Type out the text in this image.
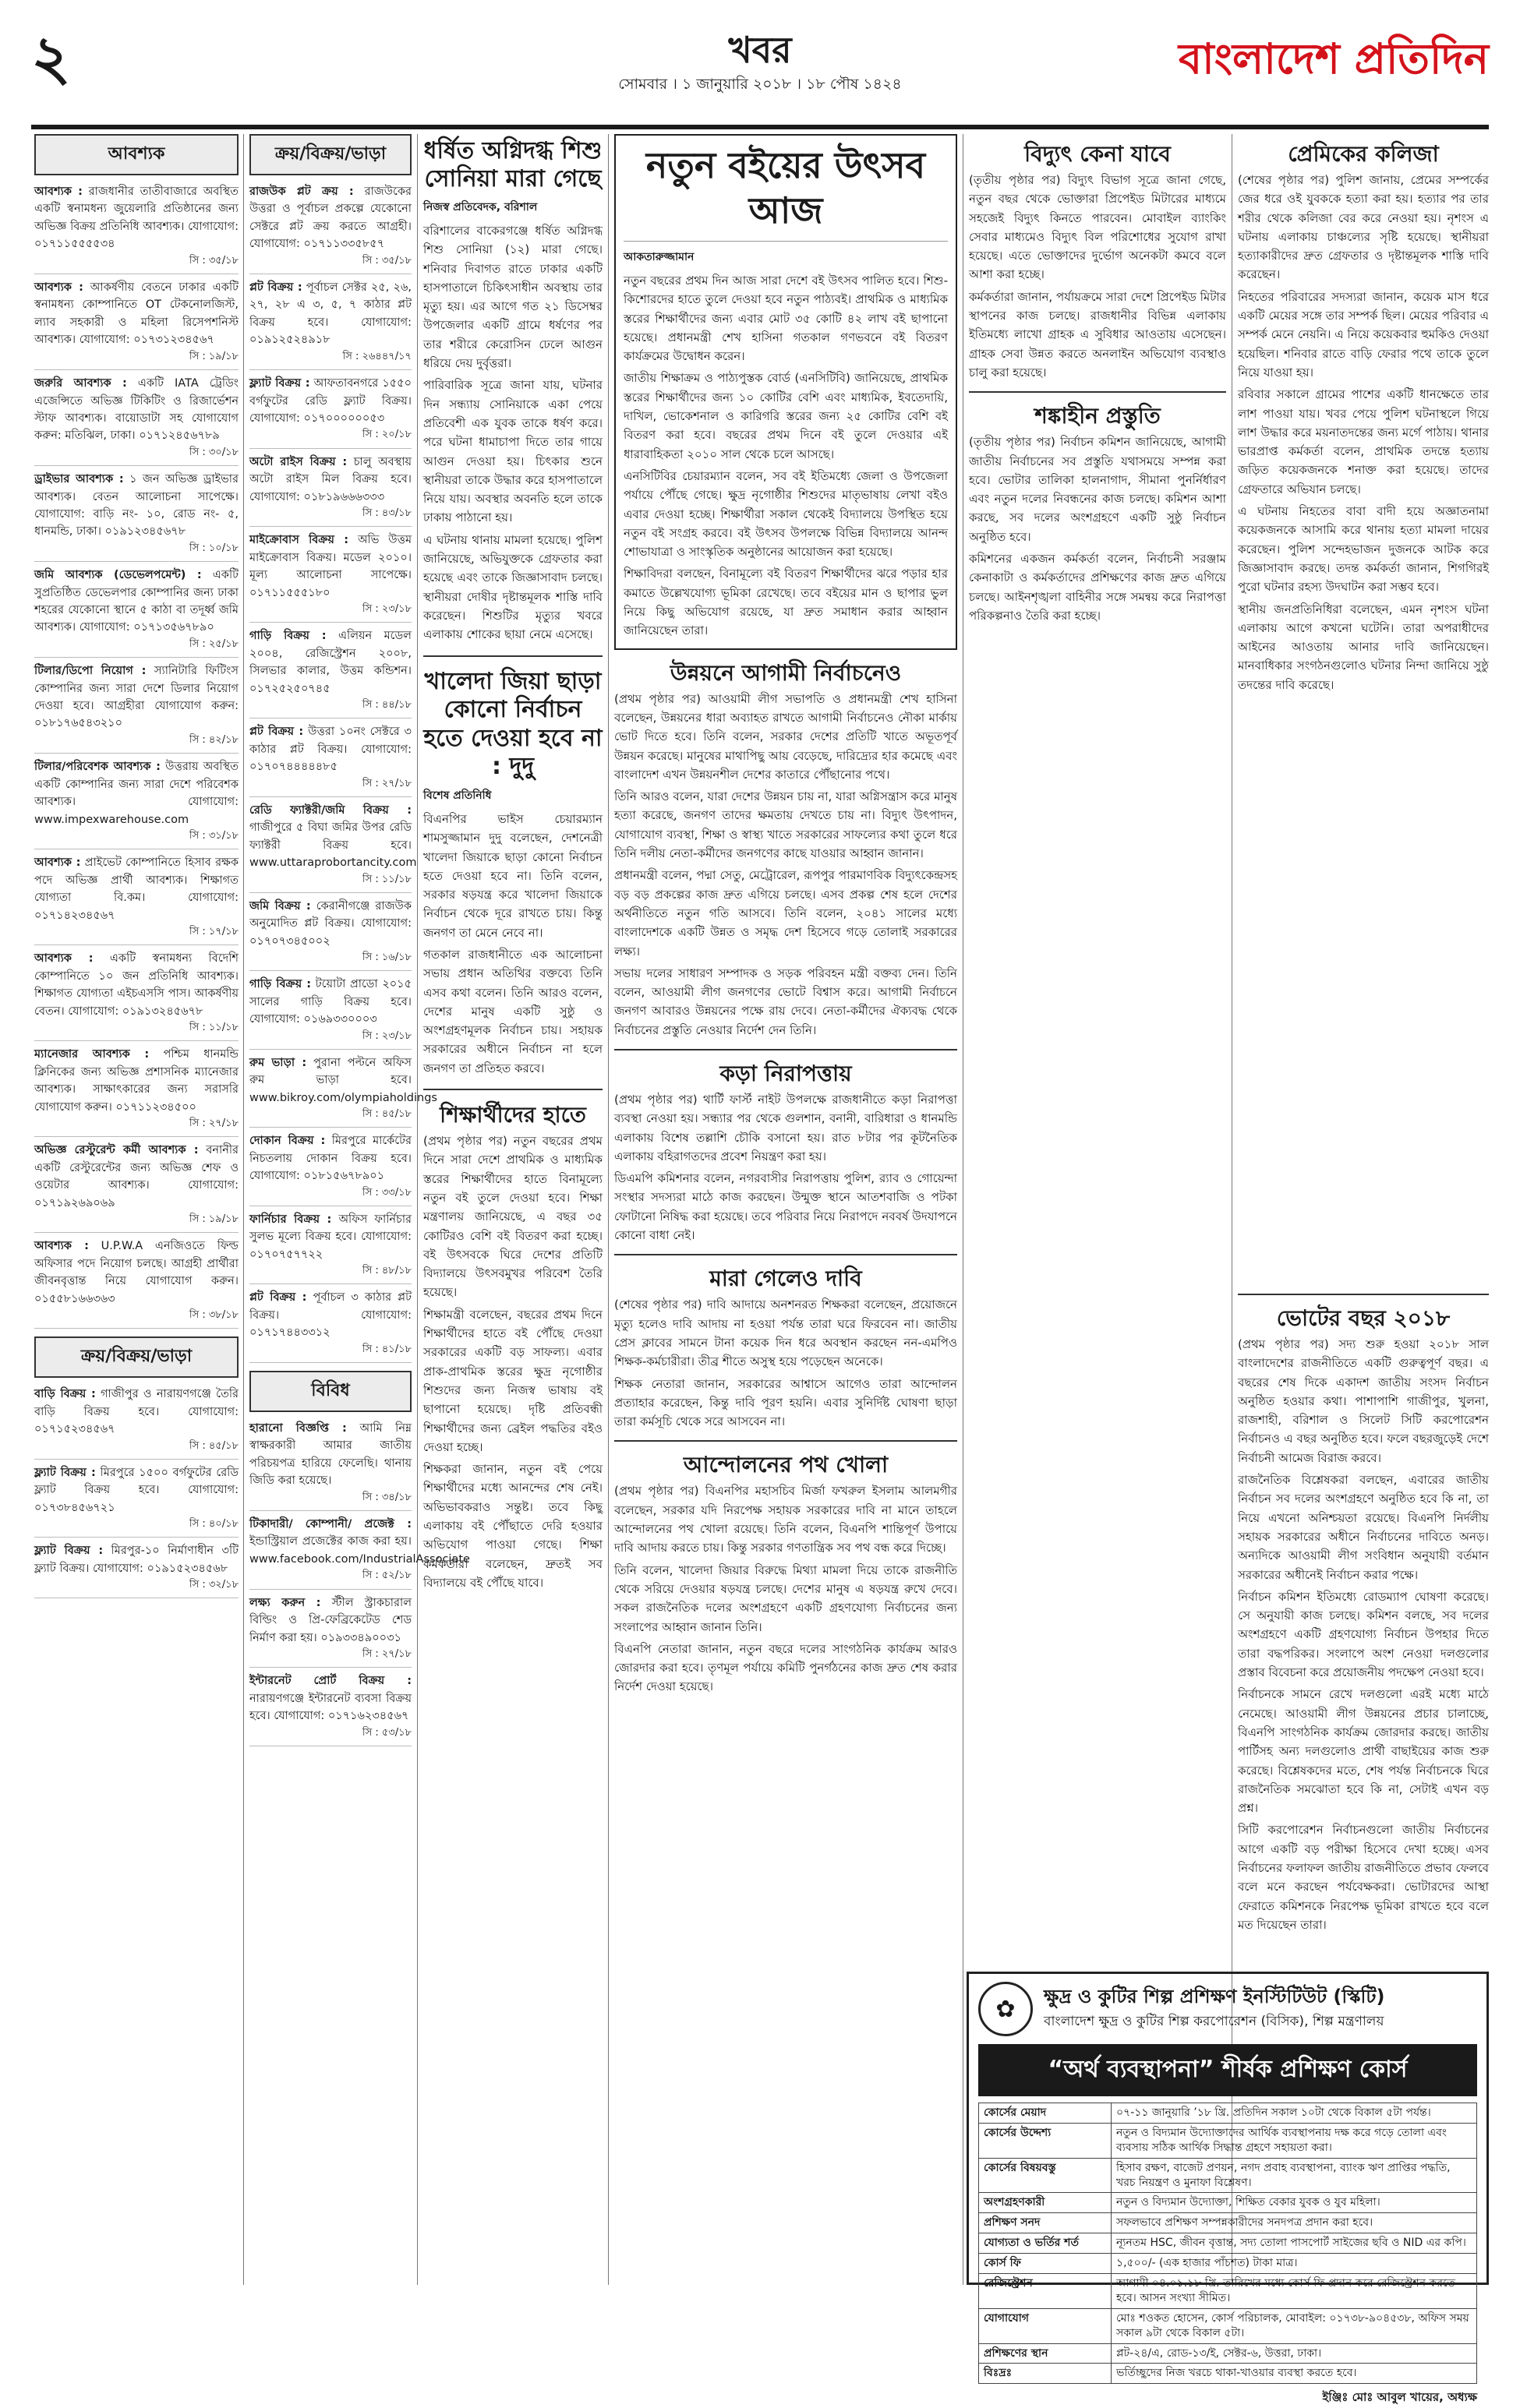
২	খবর
সোমবার । ১ জানুয়ারি ২০১৮ । ১৮ পৌষ ১৪২৪
বাংলাদেশ প্রতিদিন
আবশ্যক
আবশ্যক : রাজধানীর তাতীবাজারে অবস্থিত একটি স্বনামধন্য জুয়েলারি প্রতিষ্ঠানের জন্য অভিজ্ঞ বিক্রয় প্রতিনিধি আবশ্যক। যোগাযোগ: ০১৭১১৫৫৫৫৩৪
সি : ৩৫/১৮
আবশ্যক : আকর্ষণীয় বেতনে ঢাকার একটি স্বনামধন্য কোম্পানিতে OT টেকনোলজিস্ট, ল্যাব সহকারী ও মহিলা রিসেপশনিস্ট আবশ্যক। যোগাযোগ: ০১৭৩১২৩৪৫৬৭
সি : ১৯/১৮
জরুরি আবশ্যক : একটি IATA ট্রেডিং এজেন্সিতে অভিজ্ঞ টিকিটিং ও রিজার্ভেশন স্টাফ আবশ্যক। বায়োডাটা সহ যোগাযোগ করুন: মতিঝিল, ঢাকা। ০১৭১২৪৫৬৭৮৯
সি : ৩০/১৮
ড্রাইভার আবশ্যক : ১ জন অভিজ্ঞ ড্রাইভার আবশ্যক। বেতন আলোচনা সাপেক্ষে। যোগাযোগ: বাড়ি নং- ১০, রোড নং- ৫, ধানমন্ডি, ঢাকা। ০১৯১২৩৪৫৬৭৮
সি : ১০/১৮
জমি আবশ্যক (ডেভেলপমেন্ট) : একটি সুপ্রতিষ্ঠিত ডেভেলপার কোম্পানির জন্য ঢাকা শহরের যেকোনো স্থানে ৫ কাঠা বা তদূর্ধ্ব জমি আবশ্যক। যোগাযোগ: ০১৭১৩৫৬৭৮৯০
সি : ২৫/১৮
টিলার/ডিপো নিয়োগ : স্যানিটারি ফিটিংস কোম্পানির জন্য সারা দেশে ডিলার নিয়োগ দেওয়া হবে। আগ্রহীরা যোগাযোগ করুন: ০১৮১৭৬৫৪৩২১০
সি : ৪২/১৮
টিলার/পরিবেশক আবশ্যক : উত্তরায় অবস্থিত একটি কোম্পানির জন্য সারা দেশে পরিবেশক আবশ্যক। যোগাযোগ: www.impexwarehouse.com
সি : ৩১/১৮
আবশ্যক : প্রাইভেট কোম্পানিতে হিসাব রক্ষক পদে অভিজ্ঞ প্রার্থী আবশ্যক। শিক্ষাগত যোগ্যতা বি.কম। যোগাযোগ: ০১৭১৪২৩৪৫৬৭
সি : ১৭/১৮
আবশ্যক : একটি স্বনামধন্য বিদেশি কোম্পানিতে ১০ জন প্রতিনিধি আবশ্যক। শিক্ষাগত যোগ্যতা এইচএসসি পাস। আকর্ষণীয় বেতন। যোগাযোগ: ০১৯১৩২৪৫৬৭৮
সি : ১১/১৮
ম্যানেজার আবশ্যক : পশ্চিম ধানমন্ডি ক্লিনিকের জন্য অভিজ্ঞ প্রশাসনিক ম্যানেজার আবশ্যক। সাক্ষাৎকারের জন্য সরাসরি যোগাযোগ করুন। ০১৭১১২৩৪৫০০
সি : ২৭/১৮
অভিজ্ঞ রেস্টুরেন্ট কর্মী আবশ্যক : বনানীর একটি রেস্টুরেন্টের জন্য অভিজ্ঞ শেফ ও ওয়েটার আবশ্যক। যোগাযোগ: ০১৭১৯২৬৯০৬৯
সি : ১৯/১৮
আবশ্যক : U.P.W.A এনজিওতে ফিল্ড অফিসার পদে নিয়োগ চলছে। আগ্রহী প্রার্থীরা জীবনবৃত্তান্ত নিয়ে যোগাযোগ করুন। ০১৫৫৮১৬৬৩৬৩
সি : ৩৮/১৮
ক্রয়/বিক্রয়/ভাড়া
বাড়ি বিক্রয় : গাজীপুর ও নারায়ণগঞ্জে তৈরি বাড়ি বিক্রয় হবে। যোগাযোগ: ০১৭১৫২৩৪৫৬৭
সি : ৪৫/১৮
ফ্ল্যাট বিক্রয় : মিরপুরে ১৫০০ বর্গফুটের রেডি ফ্ল্যাট বিক্রয় হবে। যোগাযোগ: ০১৭৩৮৪৫৬৭২১
সি : ৪০/১৮
ফ্ল্যাট বিক্রয় : মিরপুর-১০ নির্মাণাধীন ৩টি ফ্ল্যাট বিক্রয়। যোগাযোগ: ০১৯১৫২৩৪৫৬৮
সি : ৩২/১৮
ক্রয়/বিক্রয়/ভাড়া
রাজউক প্লট ক্রয় : রাজউকের উত্তরা ও পূর্বাচল প্রকল্পে যেকোনো সেক্টরে প্লট ক্রয় করতে আগ্রহী। যোগাযোগ: ০১৭১১৩৩৫৮৫৭
সি : ৩৫/১৮
প্লট বিক্রয় : পূর্বাচল সেক্টর ২৫, ২৬, ২৭, ২৮ এ ৩, ৫, ৭ কাঠার প্লট বিক্রয় হবে। যোগাযোগ: ০১৯১২৫২৪৯১৮
সি : ২৬৪৪৭/১৭
ফ্ল্যাট বিক্রয় : আফতাবনগরে ১৫৫০ বর্গফুটের রেডি ফ্ল্যাট বিক্রয়। যোগাযোগ: ০১৭০০০০০০৫৩
সি : ২০/১৮
অটো রাইস বিক্রয় : চালু অবস্থায় অটো রাইস মিল বিক্রয় হবে। যোগাযোগ: ০১৮১৯৬৬৬৩৩৩
সি : ৪৩/১৮
মাইক্রোবাস বিক্রয় : অভি উত্তম মাইক্রোবাস বিক্রয়। মডেল ২০১০। মূল্য আলোচনা সাপেক্ষে। ০১৭১১৫৫৫১৮০
সি : ২৩/১৮
গাড়ি বিক্রয় : এলিয়ন মডেল ২০০৪, রেজিস্ট্রেশন ২০০৮, সিলভার কালার, উত্তম কন্ডিশন। ০১৭২৫২৫০৭৪৫
সি : ৪৪/১৮
প্লট বিক্রয় : উত্তরা ১০নং সেক্টরে ৩ কাঠার প্লট বিক্রয়। যোগাযোগ: ০১৭০৭৪৪৪৪৪৮৫
সি : ২৭/১৮
রেডি ফ্যাক্টরী/জমি বিক্রয় : গাজীপুরে ৫ বিঘা জমির উপর রেডি ফ্যাক্টরী বিক্রয় হবে। www.uttaraprobortancity.com
সি : ১১/১৮
জমি বিক্রয় : কেরানীগঞ্জে রাজউক অনুমোদিত প্লট বিক্রয়। যোগাযোগ: ০১৭০৭৩৪৫০০২
সি : ১৬/১৮
গাড়ি বিক্রয় : টয়োটা প্রাডো ২০১৫ সালের গাড়ি বিক্রয় হবে। যোগাযোগ: ০১৬৯৩৩০০০৩
সি : ২৩/১৮
রুম ভাড়া : পুরানা পল্টনে অফিস রুম ভাড়া হবে। www.bikroy.com/olympiaholdings
সি : ৪৫/১৮
দোকান বিক্রয় : মিরপুরে মার্কেটের নিচতলায় দোকান বিক্রয় হবে। যোগাযোগ: ০১৮১৫৬৭৮৯০১
সি : ৩৩/১৮
ফার্নিচার বিক্রয় : অফিস ফার্নিচার সুলভ মূল্যে বিক্রয় হবে। যোগাযোগ: ০১৭০৭৫৭৭২২
সি : ৪৮/১৮
প্লট বিক্রয় : পূর্বাচল ৩ কাঠার প্লট বিক্রয়। যোগাযোগ: ০১৭১৭৪৪৩৩১২
সি : ৪১/১৮
বিবিধ
হারানো বিজ্ঞপ্তি : আমি নিম্ন স্বাক্ষরকারী আমার জাতীয় পরিচয়পত্র হারিয়ে ফেলেছি। থানায় জিডি করা হয়েছে।
সি : ৩৪/১৮
টিকাদারী/ কোম্পানী/ প্রজেক্ট : ইন্ডাস্ট্রিয়াল প্রজেক্টের কাজ করা হয়। www.facebook.com/IndustrialAssociate
সি : ৫২/১৮
লক্ষ্য করুন : স্টীল স্ট্রাকচারাল বিল্ডিং ও প্রি-ফেব্রিকেটেড শেড নির্মাণ করা হয়। ০১৯৩৩৪৯০০৩১
সি : ২৭/১৮
ইন্টারনেট প্রোর্ট বিক্রয় : নারায়ণগঞ্জে ইন্টারনেট ব্যবসা বিক্রয় হবে। যোগাযোগ: ০১৭১৬২৩৪৫৬৭
সি : ৫৩/১৮
ধর্ষিত অগ্নিদগ্ধ শিশু সোনিয়া মারা গেছে
নিজস্ব প্রতিবেদক, বরিশাল

বরিশালের বাকেরগঞ্জে ধর্ষিত অগ্নিদগ্ধ শিশু সোনিয়া (১২) মারা গেছে। শনিবার দিবাগত রাতে ঢাকার একটি হাসপাতালে চিকিৎসাধীন অবস্থায় তার মৃত্যু হয়। এর আগে গত ২১ ডিসেম্বর উপজেলার একটি গ্রামে ধর্ষণের পর তার শরীরে কেরোসিন ঢেলে আগুন ধরিয়ে দেয় দুর্বৃত্তরা।

পারিবারিক সূত্রে জানা যায়, ঘটনার দিন সন্ধ্যায় সোনিয়াকে একা পেয়ে প্রতিবেশী এক যুবক তাকে ধর্ষণ করে। পরে ঘটনা ধামাচাপা দিতে তার গায়ে আগুন দেওয়া হয়। চিৎকার শুনে স্থানীয়রা তাকে উদ্ধার করে হাসপাতালে নিয়ে যায়। অবস্থার অবনতি হলে তাকে ঢাকায় পাঠানো হয়।

এ ঘটনায় থানায় মামলা হয়েছে। পুলিশ জানিয়েছে, অভিযুক্তকে গ্রেফতার করা হয়েছে এবং তাকে জিজ্ঞাসাবাদ চলছে। স্থানীয়রা দোষীর দৃষ্টান্তমূলক শাস্তি দাবি করেছেন। শিশুটির মৃত্যুর খবরে এলাকায় শোকের ছায়া নেমে এসেছে।

খালেদা জিয়া ছাড়া কোনো নির্বাচন হতে দেওয়া হবে না : দুদু
বিশেষ প্রতিনিধি

বিএনপির ভাইস চেয়ারম্যান শামসুজ্জামান দুদু বলেছেন, দেশনেত্রী খালেদা জিয়াকে ছাড়া কোনো নির্বাচন হতে দেওয়া হবে না। তিনি বলেন, সরকার ষড়যন্ত্র করে খালেদা জিয়াকে নির্বাচন থেকে দূরে রাখতে চায়। কিন্তু জনগণ তা মেনে নেবে না।

গতকাল রাজধানীতে এক আলোচনা সভায় প্রধান অতিথির বক্তব্যে তিনি এসব কথা বলেন। তিনি আরও বলেন, দেশের মানুষ একটি সুষ্ঠু ও অংশগ্রহণমূলক নির্বাচন চায়। সহায়ক সরকারের অধীনে নির্বাচন না হলে জনগণ তা প্রতিহত করবে।

শিক্ষার্থীদের হাতে

(প্রথম পৃষ্ঠার পর) নতুন বছরের প্রথম দিনে সারা দেশে প্রাথমিক ও মাধ্যমিক স্তরের শিক্ষার্থীদের হাতে বিনামূল্যে নতুন বই তুলে দেওয়া হবে। শিক্ষা মন্ত্রণালয় জানিয়েছে, এ বছর ৩৫ কোটিরও বেশি বই বিতরণ করা হচ্ছে। বই উৎসবকে ঘিরে দেশের প্রতিটি বিদ্যালয়ে উৎসবমুখর পরিবেশ তৈরি হয়েছে।

শিক্ষামন্ত্রী বলেছেন, বছরের প্রথম দিনে শিক্ষার্থীদের হাতে বই পৌঁছে দেওয়া সরকারের একটি বড় সাফল্য। এবার প্রাক-প্রাথমিক স্তরের ক্ষুদ্র নৃগোষ্ঠীর শিশুদের জন্য নিজস্ব ভাষায় বই ছাপানো হয়েছে। দৃষ্টি প্রতিবন্ধী শিক্ষার্থীদের জন্য ব্রেইল পদ্ধতির বইও দেওয়া হচ্ছে।

শিক্ষকরা জানান, নতুন বই পেয়ে শিক্ষার্থীদের মধ্যে আনন্দের শেষ নেই। অভিভাবকরাও সন্তুষ্ট। তবে কিছু এলাকায় বই পৌঁছাতে দেরি হওয়ার অভিযোগ পাওয়া গেছে। শিক্ষা কর্মকর্তারা বলেছেন, দ্রুতই সব বিদ্যালয়ে বই পৌঁছে যাবে।

নতুন বইয়ের উৎসব আজ
আকতারুজ্জামান

নতুন বছরের প্রথম দিন আজ সারা দেশে বই উৎসব পালিত হবে। শিশু-কিশোরদের হাতে তুলে দেওয়া হবে নতুন পাঠ্যবই। প্রাথমিক ও মাধ্যমিক স্তরের শিক্ষার্থীদের জন্য এবার মোট ৩৫ কোটি ৪২ লাখ বই ছাপানো হয়েছে। প্রধানমন্ত্রী শেখ হাসিনা গতকাল গণভবনে বই বিতরণ কার্যক্রমের উদ্বোধন করেন।

জাতীয় শিক্ষাক্রম ও পাঠ্যপুস্তক বোর্ড (এনসিটিবি) জানিয়েছে, প্রাথমিক স্তরের শিক্ষার্থীদের জন্য ১০ কোটির বেশি এবং মাধ্যমিক, ইবতেদায়ি, দাখিল, ভোকেশনাল ও কারিগরি স্তরের জন্য ২৫ কোটির বেশি বই বিতরণ করা হবে। বছরের প্রথম দিনে বই তুলে দেওয়ার এই ধারাবাহিকতা ২০১০ সাল থেকে চলে আসছে।

এনসিটিবির চেয়ারম্যান বলেন, সব বই ইতিমধ্যে জেলা ও উপজেলা পর্যায়ে পৌঁছে গেছে। ক্ষুদ্র নৃগোষ্ঠীর শিশুদের মাতৃভাষায় লেখা বইও এবার দেওয়া হচ্ছে। শিক্ষার্থীরা সকাল থেকেই বিদ্যালয়ে উপস্থিত হয়ে নতুন বই সংগ্রহ করবে। বই উৎসব উপলক্ষে বিভিন্ন বিদ্যালয়ে আনন্দ শোভাযাত্রা ও সাংস্কৃতিক অনুষ্ঠানের আয়োজন করা হয়েছে।

শিক্ষাবিদরা বলছেন, বিনামূল্যে বই বিতরণ শিক্ষার্থীদের ঝরে পড়ার হার কমাতে উল্লেখযোগ্য ভূমিকা রেখেছে। তবে বইয়ের মান ও ছাপার ভুল নিয়ে কিছু অভিযোগ রয়েছে, যা দ্রুত সমাধান করার আহ্বান জানিয়েছেন তারা।

উন্নয়নে আগামী নির্বাচনেও

(প্রথম পৃষ্ঠার পর) আওয়ামী লীগ সভাপতি ও প্রধানমন্ত্রী শেখ হাসিনা বলেছেন, উন্নয়নের ধারা অব্যাহত রাখতে আগামী নির্বাচনেও নৌকা মার্কায় ভোট দিতে হবে। তিনি বলেন, সরকার দেশের প্রতিটি খাতে অভূতপূর্ব উন্নয়ন করেছে। মানুষের মাথাপিছু আয় বেড়েছে, দারিদ্র্যের হার কমেছে এবং বাংলাদেশ এখন উন্নয়নশীল দেশের কাতারে পৌঁছানোর পথে।

তিনি আরও বলেন, যারা দেশের উন্নয়ন চায় না, যারা অগ্নিসন্ত্রাস করে মানুষ হত্যা করেছে, জনগণ তাদের ক্ষমতায় দেখতে চায় না। বিদ্যুৎ উৎপাদন, যোগাযোগ ব্যবস্থা, শিক্ষা ও স্বাস্থ্য খাতে সরকারের সাফল্যের কথা তুলে ধরে তিনি দলীয় নেতা-কর্মীদের জনগণের কাছে যাওয়ার আহ্বান জানান।

প্রধানমন্ত্রী বলেন, পদ্মা সেতু, মেট্রোরেল, রূপপুর পারমাণবিক বিদ্যুৎকেন্দ্রসহ বড় বড় প্রকল্পের কাজ দ্রুত এগিয়ে চলছে। এসব প্রকল্প শেষ হলে দেশের অর্থনীতিতে নতুন গতি আসবে। তিনি বলেন, ২০৪১ সালের মধ্যে বাংলাদেশকে একটি উন্নত ও সমৃদ্ধ দেশ হিসেবে গড়ে তোলাই সরকারের লক্ষ্য।

সভায় দলের সাধারণ সম্পাদক ও সড়ক পরিবহন মন্ত্রী বক্তব্য দেন। তিনি বলেন, আওয়ামী লীগ জনগণের ভোটে বিশ্বাস করে। আগামী নির্বাচনে জনগণ আবারও উন্নয়নের পক্ষে রায় দেবে। নেতা-কর্মীদের ঐক্যবদ্ধ থেকে নির্বাচনের প্রস্তুতি নেওয়ার নির্দেশ দেন তিনি।

কড়া নিরাপত্তায়

(প্রথম পৃষ্ঠার পর) থার্টি ফার্স্ট নাইট উপলক্ষে রাজধানীতে কড়া নিরাপত্তা ব্যবস্থা নেওয়া হয়। সন্ধ্যার পর থেকে গুলশান, বনানী, বারিধারা ও ধানমন্ডি এলাকায় বিশেষ তল্লাশি চৌকি বসানো হয়। রাত ৮টার পর কূটনৈতিক এলাকায় বহিরাগতদের প্রবেশ নিয়ন্ত্রণ করা হয়।

ডিএমপি কমিশনার বলেন, নগরবাসীর নিরাপত্তায় পুলিশ, র‌্যাব ও গোয়েন্দা সংস্থার সদস্যরা মাঠে কাজ করছেন। উন্মুক্ত স্থানে আতশবাজি ও পটকা ফোটানো নিষিদ্ধ করা হয়েছে। তবে পরিবার নিয়ে নিরাপদে নববর্ষ উদযাপনে কোনো বাধা নেই।

মারা গেলেও দাবি

(শেষের পৃষ্ঠার পর) দাবি আদায়ে অনশনরত শিক্ষকরা বলেছেন, প্রয়োজনে মৃত্যু হলেও দাবি আদায় না হওয়া পর্যন্ত তারা ঘরে ফিরবেন না। জাতীয় প্রেস ক্লাবের সামনে টানা কয়েক দিন ধরে অবস্থান করছেন নন-এমপিও শিক্ষক-কর্মচারীরা। তীব্র শীতে অসুস্থ হয়ে পড়েছেন অনেকে।

শিক্ষক নেতারা জানান, সরকারের আশ্বাসে আগেও তারা আন্দোলন প্রত্যাহার করেছেন, কিন্তু দাবি পূরণ হয়নি। এবার সুনির্দিষ্ট ঘোষণা ছাড়া তারা কর্মসূচি থেকে সরে আসবেন না।

আন্দোলনের পথ খোলা

(প্রথম পৃষ্ঠার পর) বিএনপির মহাসচিব মির্জা ফখরুল ইসলাম আলমগীর বলেছেন, সরকার যদি নিরপেক্ষ সহায়ক সরকারের দাবি না মানে তাহলে আন্দোলনের পথ খোলা রয়েছে। তিনি বলেন, বিএনপি শান্তিপূর্ণ উপায়ে দাবি আদায় করতে চায়। কিন্তু সরকার গণতান্ত্রিক সব পথ বন্ধ করে দিচ্ছে।

তিনি বলেন, খালেদা জিয়ার বিরুদ্ধে মিথ্যা মামলা দিয়ে তাকে রাজনীতি থেকে সরিয়ে দেওয়ার ষড়যন্ত্র চলছে। দেশের মানুষ এ ষড়যন্ত্র রুখে দেবে। সকল রাজনৈতিক দলের অংশগ্রহণে একটি গ্রহণযোগ্য নির্বাচনের জন্য সংলাপের আহ্বান জানান তিনি।

বিএনপি নেতারা জানান, নতুন বছরে দলের সাংগঠনিক কার্যক্রম আরও জোরদার করা হবে। তৃণমূল পর্যায়ে কমিটি পুনর্গঠনের কাজ দ্রুত শেষ করার নির্দেশ দেওয়া হয়েছে।

বিদ্যুৎ কেনা যাবে

(তৃতীয় পৃষ্ঠার পর) বিদ্যুৎ বিভাগ সূত্রে জানা গেছে, নতুন বছর থেকে ভোক্তারা প্রিপেইড মিটারের মাধ্যমে সহজেই বিদ্যুৎ কিনতে পারবেন। মোবাইল ব্যাংকিং সেবার মাধ্যমেও বিদ্যুৎ বিল পরিশোধের সুযোগ রাখা হয়েছে। এতে ভোক্তাদের দুর্ভোগ অনেকটা কমবে বলে আশা করা হচ্ছে।

কর্মকর্তারা জানান, পর্যায়ক্রমে সারা দেশে প্রিপেইড মিটার স্থাপনের কাজ চলছে। রাজধানীর বিভিন্ন এলাকায় ইতিমধ্যে লাখো গ্রাহক এ সুবিধার আওতায় এসেছেন। গ্রাহক সেবা উন্নত করতে অনলাইন অভিযোগ ব্যবস্থাও চালু করা হয়েছে।

শঙ্কাহীন প্রস্তুতি

(তৃতীয় পৃষ্ঠার পর) নির্বাচন কমিশন জানিয়েছে, আগামী জাতীয় নির্বাচনের সব প্রস্তুতি যথাসময়ে সম্পন্ন করা হবে। ভোটার তালিকা হালনাগাদ, সীমানা পুনর্নির্ধারণ এবং নতুন দলের নিবন্ধনের কাজ চলছে। কমিশন আশা করছে, সব দলের অংশগ্রহণে একটি সুষ্ঠু নির্বাচন অনুষ্ঠিত হবে।

কমিশনের একজন কর্মকর্তা বলেন, নির্বাচনী সরঞ্জাম কেনাকাটা ও কর্মকর্তাদের প্রশিক্ষণের কাজ দ্রুত এগিয়ে চলছে। আইনশৃঙ্খলা বাহিনীর সঙ্গে সমন্বয় করে নিরাপত্তা পরিকল্পনাও তৈরি করা হচ্ছে।

প্রেমিকের কলিজা

(শেষের পৃষ্ঠার পর) পুলিশ জানায়, প্রেমের সম্পর্কের জের ধরে ওই যুবককে হত্যা করা হয়। হত্যার পর তার শরীর থেকে কলিজা বের করে নেওয়া হয়। নৃশংস এ ঘটনায় এলাকায় চাঞ্চল্যের সৃষ্টি হয়েছে। স্থানীয়রা হত্যাকারীদের দ্রুত গ্রেফতার ও দৃষ্টান্তমূলক শাস্তি দাবি করেছেন।

নিহতের পরিবারের সদস্যরা জানান, কয়েক মাস ধরে একটি মেয়ের সঙ্গে তার সম্পর্ক ছিল। মেয়ের পরিবার এ সম্পর্ক মেনে নেয়নি। এ নিয়ে কয়েকবার হুমকিও দেওয়া হয়েছিল। শনিবার রাতে বাড়ি ফেরার পথে তাকে তুলে নিয়ে যাওয়া হয়।

রবিবার সকালে গ্রামের পাশের একটি ধানক্ষেতে তার লাশ পাওয়া যায়। খবর পেয়ে পুলিশ ঘটনাস্থলে গিয়ে লাশ উদ্ধার করে ময়নাতদন্তের জন্য মর্গে পাঠায়। থানার ভারপ্রাপ্ত কর্মকর্তা বলেন, প্রাথমিক তদন্তে হত্যায় জড়িত কয়েকজনকে শনাক্ত করা হয়েছে। তাদের গ্রেফতারে অভিযান চলছে।

এ ঘটনায় নিহতের বাবা বাদী হয়ে অজ্ঞাতনামা কয়েকজনকে আসামি করে থানায় হত্যা মামলা দায়ের করেছেন। পুলিশ সন্দেহভাজন দুজনকে আটক করে জিজ্ঞাসাবাদ করছে। তদন্ত কর্মকর্তা জানান, শিগগিরই পুরো ঘটনার রহস্য উদঘাটন করা সম্ভব হবে।

স্থানীয় জনপ্রতিনিধিরা বলেছেন, এমন নৃশংস ঘটনা এলাকায় আগে কখনো ঘটেনি। তারা অপরাধীদের আইনের আওতায় আনার দাবি জানিয়েছেন। মানবাধিকার সংগঠনগুলোও ঘটনার নিন্দা জানিয়ে সুষ্ঠু তদন্তের দাবি করেছে।

ভোটের বছর ২০১৮

(প্রথম পৃষ্ঠার পর) সদ্য শুরু হওয়া ২০১৮ সাল বাংলাদেশের রাজনীতিতে একটি গুরুত্বপূর্ণ বছর। এ বছরের শেষ দিকে একাদশ জাতীয় সংসদ নির্বাচন অনুষ্ঠিত হওয়ার কথা। পাশাপাশি গাজীপুর, খুলনা, রাজশাহী, বরিশাল ও সিলেট সিটি করপোরেশন নির্বাচনও এ বছর অনুষ্ঠিত হবে। ফলে বছরজুড়েই দেশে নির্বাচনী আমেজ বিরাজ করবে।

রাজনৈতিক বিশ্লেষকরা বলছেন, এবারের জাতীয় নির্বাচন সব দলের অংশগ্রহণে অনুষ্ঠিত হবে কি না, তা নিয়ে এখনো অনিশ্চয়তা রয়েছে। বিএনপি নির্দলীয় সহায়ক সরকারের অধীনে নির্বাচনের দাবিতে অনড়। অন্যদিকে আওয়ামী লীগ সংবিধান অনুযায়ী বর্তমান সরকারের অধীনেই নির্বাচন করার পক্ষে।

নির্বাচন কমিশন ইতিমধ্যে রোডম্যাপ ঘোষণা করেছে। সে অনুযায়ী কাজ চলছে। কমিশন বলছে, সব দলের অংশগ্রহণে একটি গ্রহণযোগ্য নির্বাচন উপহার দিতে তারা বদ্ধপরিকর। সংলাপে অংশ নেওয়া দলগুলোর প্রস্তাব বিবেচনা করে প্রয়োজনীয় পদক্ষেপ নেওয়া হবে।

নির্বাচনকে সামনে রেখে দলগুলো এরই মধ্যে মাঠে নেমেছে। আওয়ামী লীগ উন্নয়নের প্রচার চালাচ্ছে, বিএনপি সাংগঠনিক কার্যক্রম জোরদার করছে। জাতীয় পার্টিসহ অন্য দলগুলোও প্রার্থী বাছাইয়ের কাজ শুরু করেছে। বিশ্লেষকদের মতে, শেষ পর্যন্ত নির্বাচনকে ঘিরে রাজনৈতিক সমঝোতা হবে কি না, সেটাই এখন বড় প্রশ্ন।

সিটি করপোরেশন নির্বাচনগুলো জাতীয় নির্বাচনের আগে একটি বড় পরীক্ষা হিসেবে দেখা হচ্ছে। এসব নির্বাচনের ফলাফল জাতীয় রাজনীতিতে প্রভাব ফেলবে বলে মনে করছেন পর্যবেক্ষকরা। ভোটারদের আস্থা ফেরাতে কমিশনকে নিরপেক্ষ ভূমিকা রাখতে হবে বলে মত দিয়েছেন তারা।

✿	ক্ষুদ্র ও কুটির শিল্প প্রশিক্ষণ ইনস্টিটিউট (স্কিটি)
বাংলাদেশ ক্ষুদ্র ও কুটির শিল্প করপোরেশন (বিসিক), শিল্প মন্ত্রণালয়
“অর্থ ব্যবস্থাপনা” শীর্ষক প্রশিক্ষণ কোর্স
কোর্সের মেয়াদ	০৭-১১ জানুয়ারি ’১৮ খ্রি. প্রতিদিন সকাল ১০টা থেকে বিকাল ৫টা পর্যন্ত।
কোর্সের উদ্দেশ্য	নতুন ও বিদ্যমান উদ্যোক্তাদের আর্থিক ব্যবস্থাপনায় দক্ষ করে গড়ে তোলা এবং ব্যবসায় সঠিক আর্থিক সিদ্ধান্ত গ্রহণে সহায়তা করা।
কোর্সের বিষয়বস্তু	হিসাব রক্ষণ, বাজেট প্রণয়ন, নগদ প্রবাহ ব্যবস্থাপনা, ব্যাংক ঋণ প্রাপ্তির পদ্ধতি, খরচ নিয়ন্ত্রণ ও মুনাফা বিশ্লেষণ।
অংশগ্রহণকারী	নতুন ও বিদ্যমান উদ্যোক্তা, শিক্ষিত বেকার যুবক ও যুব মহিলা।
প্রশিক্ষণ সনদ	সফলভাবে প্রশিক্ষণ সম্পন্নকারীদের সনদপত্র প্রদান করা হবে।
যোগ্যতা ও ভর্তির শর্ত	ন্যূনতম HSC, জীবন বৃত্তান্ত, সদ্য তোলা পাসপোর্ট সাইজের ছবি ও NID এর কপি।
কোর্স ফি	১,৫০০/- (এক হাজার পাঁচশত) টাকা মাত্র।
রেজিস্ট্রেশন	আগামী ০৪.০১.১৮ খ্রি. তারিখের মধ্যে কোর্স ফি প্রদান করে রেজিস্ট্রেশন করতে হবে। আসন সংখ্যা সীমিত।
যোগাযোগ	মোঃ শওকত হোসেন, কোর্স পরিচালক, মোবাইল: ০১৭৩৮-৯০৪৫৩৮, অফিস সময় সকাল ৯টা থেকে বিকাল ৫টা।
প্রশিক্ষণের স্থান	প্লট-২৪/এ, রোড-১৩/ই, সেক্টর-৬, উত্তরা, ঢাকা।
বিঃদ্রঃ	ভর্তিচ্ছুদের নিজ খরচে থাকা-খাওয়ার ব্যবস্থা করতে হবে।
ইঞ্জিঃ মোঃ আবুল খায়ের, অধ্যক্ষ
